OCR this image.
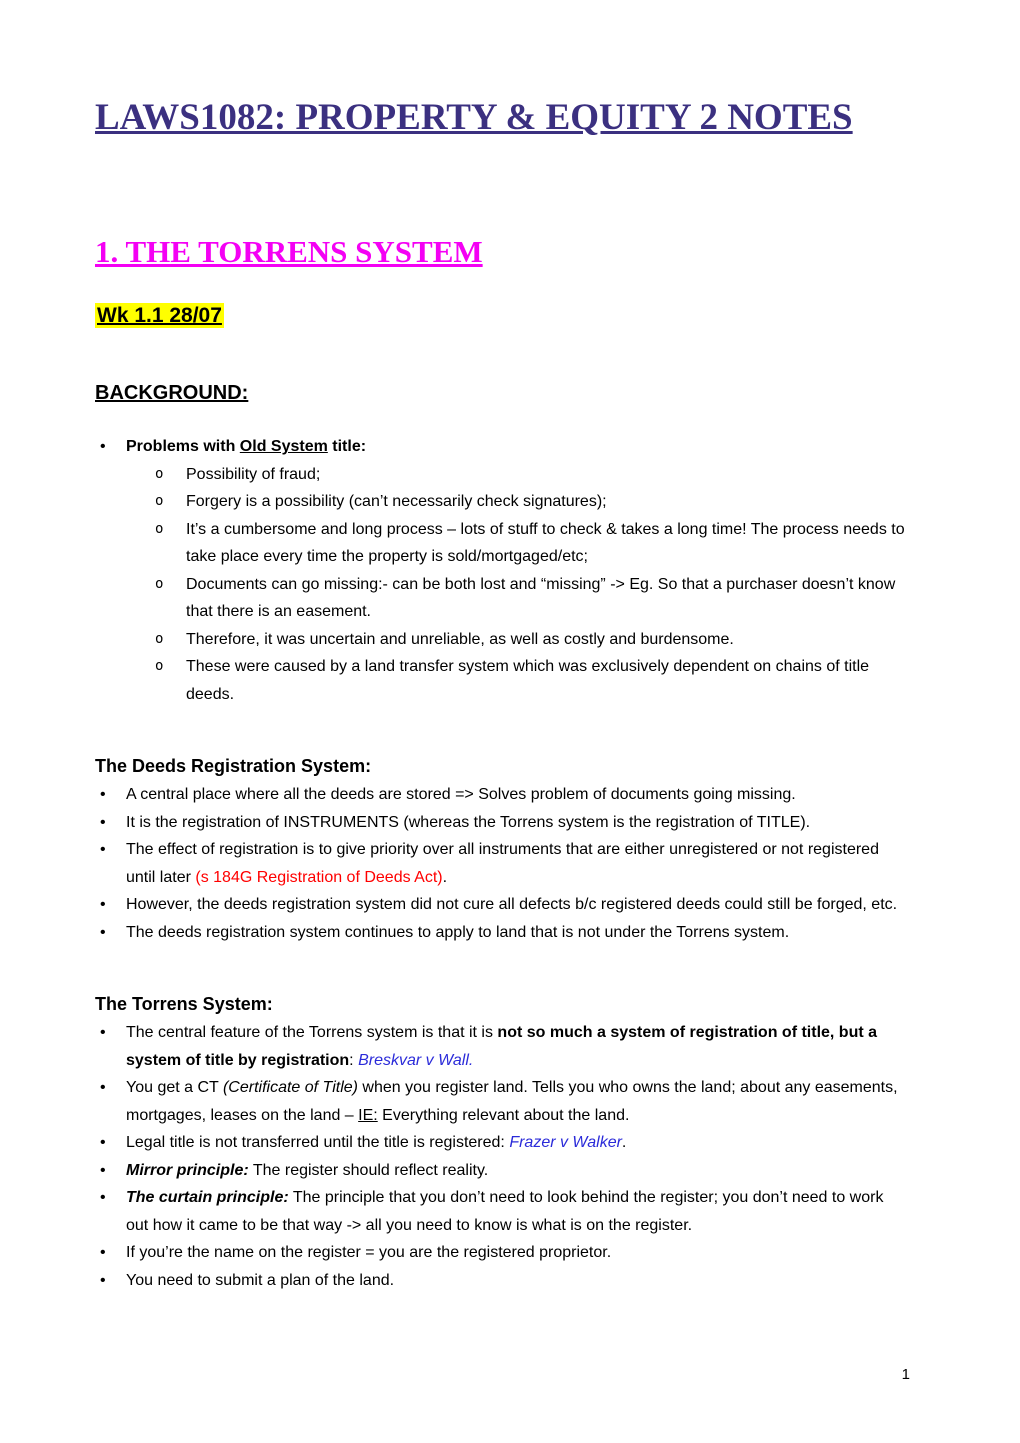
LAWS1082: PROPERTY & EQUITY 2 NOTES
1. THE TORRENS SYSTEM
Wk 1.1 28/07
BACKGROUND:
•	Problems with Old System title:
o	Possibility of fraud;
o	Forgery is a possibility (can’t necessarily check signatures);
o	It’s a cumbersome and long process – lots of stuff to check & takes a long time! The process needs to take place every time the property is sold/mortgaged/etc;
o	Documents can go missing:- can be both lost and “missing” -> Eg. So that a purchaser doesn’t know that there is an easement.
o	Therefore, it was uncertain and unreliable, as well as costly and burdensome.
o	These were caused by a land transfer system which was exclusively dependent on chains of title deeds.
The Deeds Registration System:
•	A central place where all the deeds are stored => Solves problem of documents going missing.
•	It is the registration of INSTRUMENTS (whereas the Torrens system is the registration of TITLE).
•	The effect of registration is to give priority over all instruments that are either unregistered or not registered until later (s 184G Registration of Deeds Act).
•	However, the deeds registration system did not cure all defects b/c registered deeds could still be forged, etc.
•	The deeds registration system continues to apply to land that is not under the Torrens system.
The Torrens System:
•	The central feature of the Torrens system is that it is not so much a system of registration of title, but a system of title by registration: Breskvar v Wall.
•	You get a CT (Certificate of Title) when you register land. Tells you who owns the land; about any easements, mortgages, leases on the land – IE: Everything relevant about the land.
•	Legal title is not transferred until the title is registered: Frazer v Walker.
•	Mirror principle: The register should reflect reality.
•	The curtain principle: The principle that you don’t need to look behind the register; you don’t need to work out how it came to be that way -> all you need to know is what is on the register.
•	If you’re the name on the register = you are the registered proprietor.
•	You need to submit a plan of the land.
1
